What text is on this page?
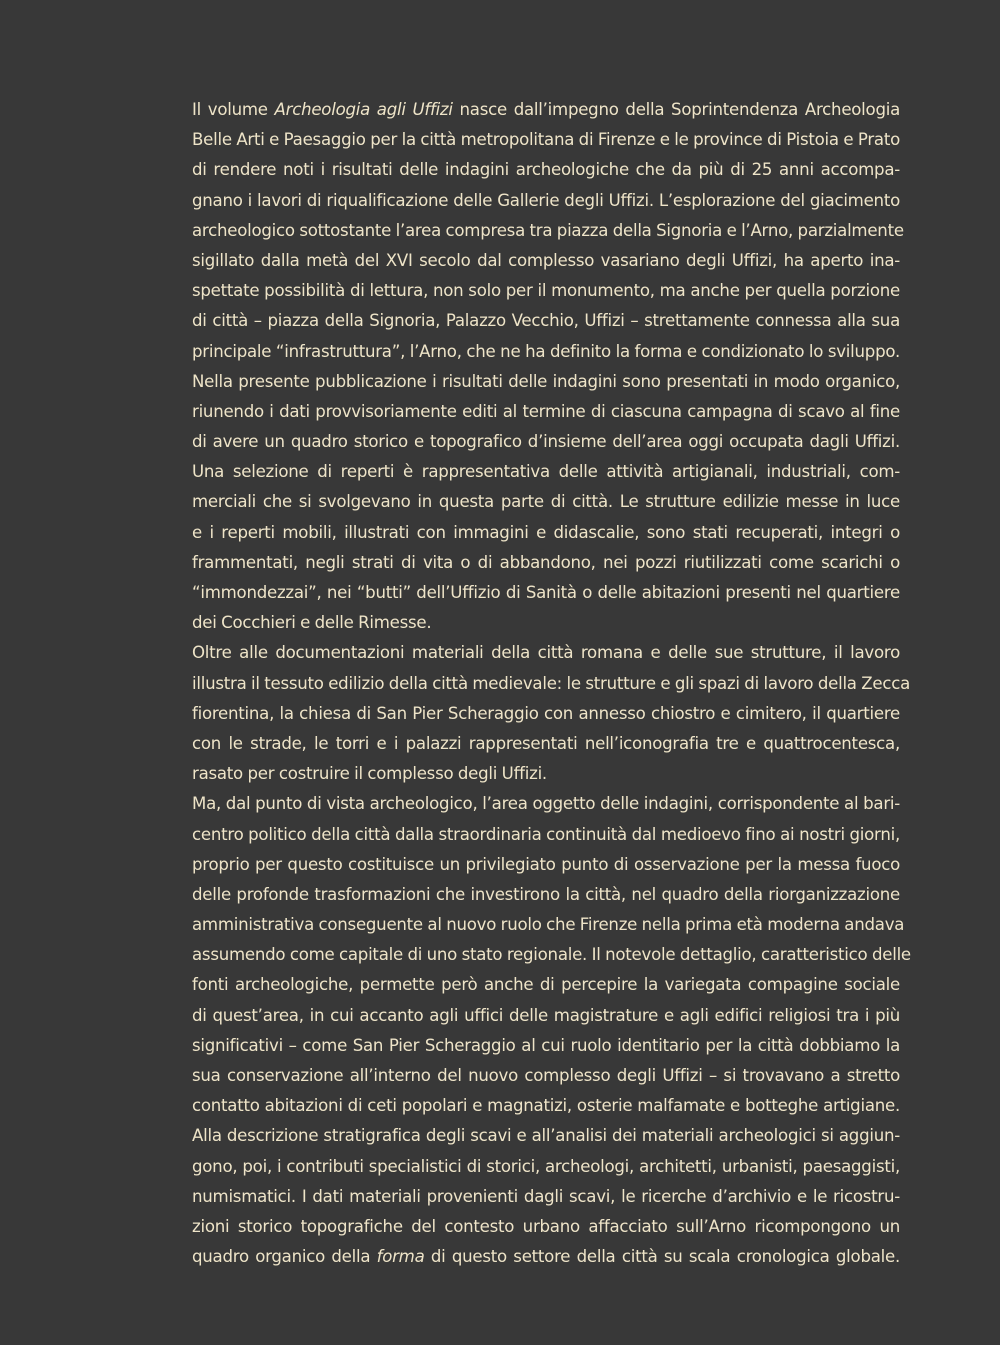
Il volume Archeologia agli Uffizi nasce dall’impegno della Soprintendenza Archeologia
Belle Arti e Paesaggio per la città metropolitana di Firenze e le province di Pistoia e Prato
di rendere noti i risultati delle indagini archeologiche che da più di 25 anni accompa-
gnano i lavori di riqualificazione delle Gallerie degli Uffizi. L’esplorazione del giacimento
archeologico sottostante l’area compresa tra piazza della Signoria e l’Arno, parzialmente
sigillato dalla metà del XVI secolo dal complesso vasariano degli Uffizi, ha aperto ina-
spettate possibilità di lettura, non solo per il monumento, ma anche per quella porzione
di città – piazza della Signoria, Palazzo Vecchio, Uffizi – strettamente connessa alla sua
principale “infrastruttura”, l’Arno, che ne ha definito la forma e condizionato lo sviluppo.
Nella presente pubblicazione i risultati delle indagini sono presentati in modo organico,
riunendo i dati provvisoriamente editi al termine di ciascuna campagna di scavo al fine
di avere un quadro storico e topografico d’insieme dell’area oggi occupata dagli Uffizi.
Una selezione di reperti è rappresentativa delle attività artigianali, industriali, com-
merciali che si svolgevano in questa parte di città. Le strutture edilizie messe in luce
e i reperti mobili, illustrati con immagini e didascalie, sono stati recuperati, integri o
frammentati, negli strati di vita o di abbandono, nei pozzi riutilizzati come scarichi o
“immondezzai”, nei “butti” dell’Uffizio di Sanità o delle abitazioni presenti nel quartiere
dei Cocchieri e delle Rimesse.
Oltre alle documentazioni materiali della città romana e delle sue strutture, il lavoro
illustra il tessuto edilizio della città medievale: le strutture e gli spazi di lavoro della Zecca
fiorentina, la chiesa di San Pier Scheraggio con annesso chiostro e cimitero, il quartiere
con le strade, le torri e i palazzi rappresentati nell’iconografia tre e quattrocentesca,
rasato per costruire il complesso degli Uffizi.
Ma, dal punto di vista archeologico, l’area oggetto delle indagini, corrispondente al bari-
centro politico della città dalla straordinaria continuità dal medioevo fino ai nostri giorni,
proprio per questo costituisce un privilegiato punto di osservazione per la messa fuoco
delle profonde trasformazioni che investirono la città, nel quadro della riorganizzazione
amministrativa conseguente al nuovo ruolo che Firenze nella prima età moderna andava
assumendo come capitale di uno stato regionale. Il notevole dettaglio, caratteristico delle
fonti archeologiche, permette però anche di percepire la variegata compagine sociale
di quest’area, in cui accanto agli uffici delle magistrature e agli edifici religiosi tra i più
significativi – come San Pier Scheraggio al cui ruolo identitario per la città dobbiamo la
sua conservazione all’interno del nuovo complesso degli Uffizi – si trovavano a stretto
contatto abitazioni di ceti popolari e magnatizi, osterie malfamate e botteghe artigiane.
Alla descrizione stratigrafica degli scavi e all’analisi dei materiali archeologici si aggiun-
gono, poi, i contributi specialistici di storici, archeologi, architetti, urbanisti, paesaggisti,
numismatici. I dati materiali provenienti dagli scavi, le ricerche d’archivio e le ricostru-
zioni storico topografiche del contesto urbano affacciato sull’Arno ricompongono un
quadro organico della forma di questo settore della città su scala cronologica globale.
